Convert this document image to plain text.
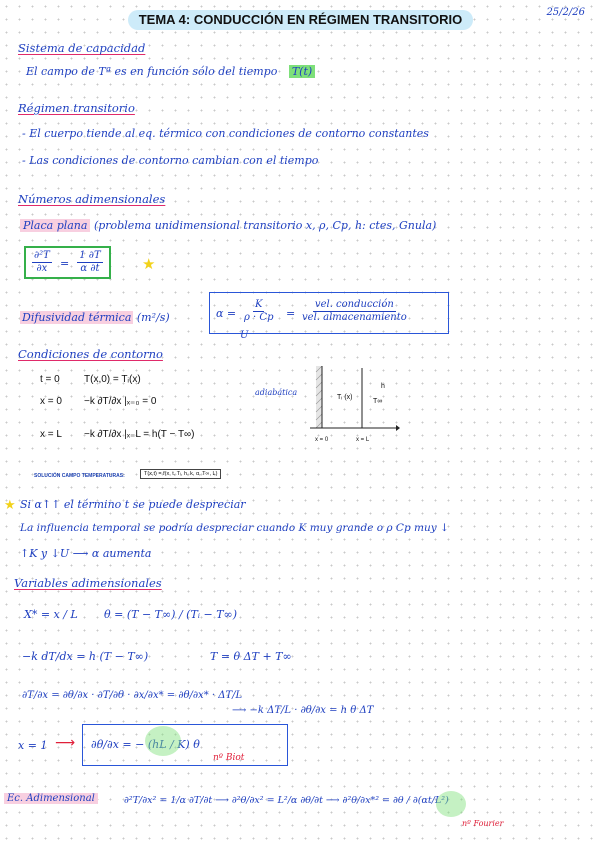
TEMA 4: CONDUCCIÓN EN RÉGIMEN TRANSITORIO	25/2/26
Sistema de capacidad
El campo de Tª es en función sólo del tiempo T(t)
Régimen transitorio
- El cuerpo tiende al eq. térmico con condiciones de contorno constantes
- Las condiciones de contorno cambian con el tiempo
Números adimensionales
Placa plana (problema unidimensional transitorio x, ρ, Cp, h: ctes, Gnula)
$\frac{\text{∂²T}}{\partial x} = \frac{1 \partial T}{\alpha \partial t}$	★
Difusividad térmica (m²/s)	$\alpha = \frac{K}{\rho \cdot Cp}$ =
vel. conducción
vel. almacenamiento
U
Condiciones de contorno
t = 0 T(x,0) = Tᵢ(x)
x = 0 −k ∂T/∂x |ₓ₌₀ = 0
x = L −k ∂T/∂x |ₓ₌L = h(T − T∞)
adiabática
Tᵢ (x)
h
T∞
x = 0	x = L
SOLUCIÓN CAMPO TEMPERATURAS:	T(x,t) = f(x, t, Tᵢ, h, k, α, T∞, L)
★ Si α↑↑ el término t se puede despreciar
La influencia temporal se podría despreciar cuando K muy grande o ρ Cp muy ↓
↑K y ↓U ⟶ α aumenta
Variables adimensionales
X* = x / L θ = (T − T∞) / (Tᵢ − T∞)
−k dT/dx = h (T − T∞)	T = θ ΔT + T∞
∂T/∂x = ∂θ/∂x · ∂T/∂θ · ∂x/∂x* = ∂θ/∂x* · ΔT/L
⟶ −k ΔT/L · ∂θ/∂x = h θ ΔT
x = 1 ⟶	∂θ/∂x = − (hL / K) θ
nº Biot
Ec. Adimensional	∂²T/∂x² = 1/α ∂T/∂t ⟶ ∂²θ/∂x² = L²/α ∂θ/∂t ⟶ ∂²θ/∂x*² = ∂θ / ∂(αt/L²)
nº Fourier
